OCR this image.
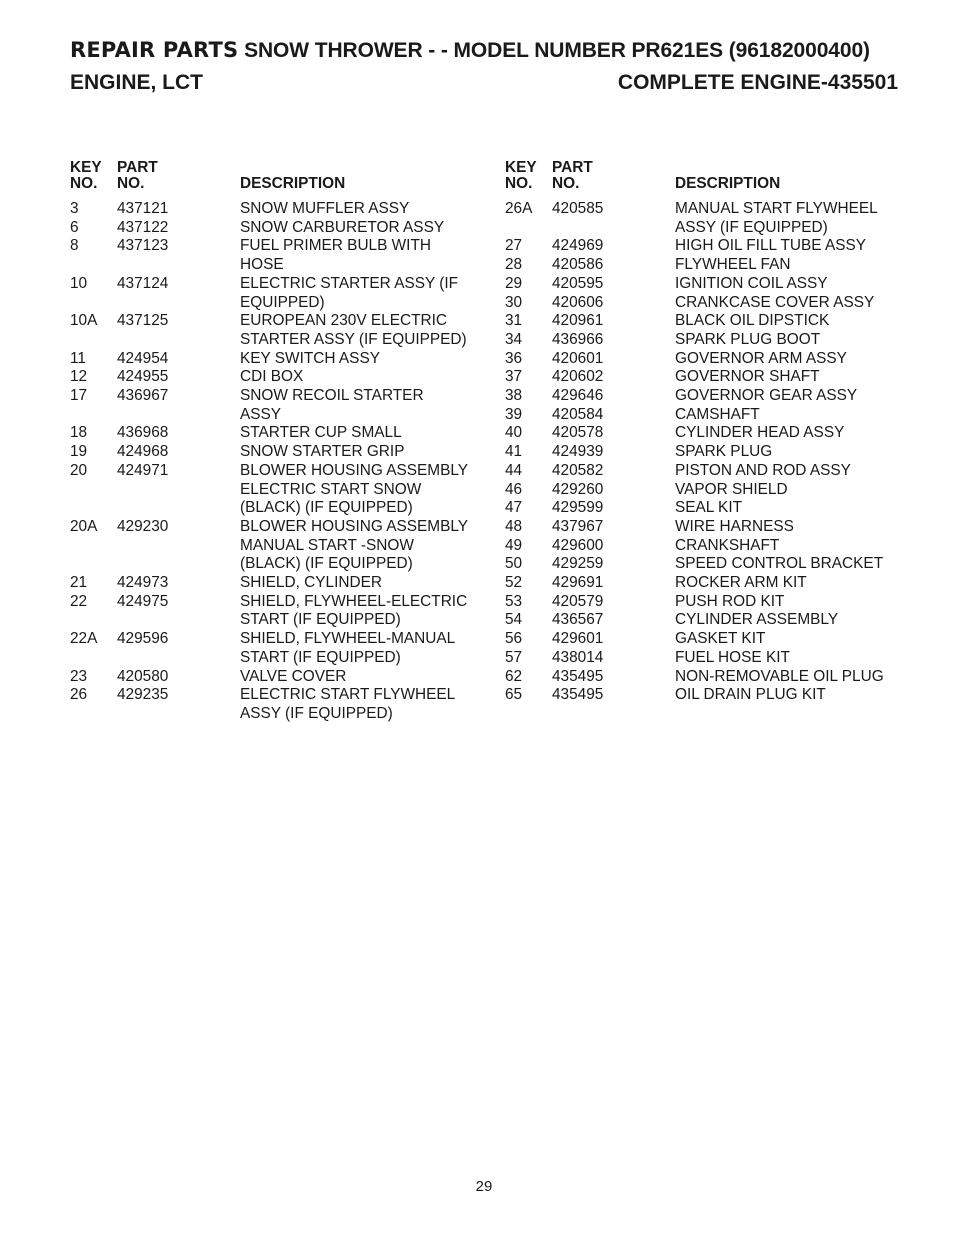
REPAIR PARTS SNOW THROWER - - MODEL NUMBER PR621ES (96182000400)
ENGINE, LCT	COMPLETE ENGINE-435501
KEY
NO.
PART
NO.	DESCRIPTION
3	437121	SNOW MUFFLER ASSY
6	437122	SNOW CARBURETOR ASSY
8	437123	FUEL PRIMER BULB WITH
HOSE
10	437124	ELECTRIC STARTER ASSY (IF
EQUIPPED)
10A	437125	EUROPEAN 230V ELECTRIC
STARTER ASSY (IF EQUIPPED)
11	424954	KEY SWITCH ASSY
12	424955	CDI BOX
17	436967	SNOW RECOIL STARTER
ASSY
18	436968	STARTER CUP SMALL
19	424968	SNOW STARTER GRIP
20	424971	BLOWER HOUSING ASSEMBLY
ELECTRIC START SNOW
(BLACK) (IF EQUIPPED)
20A	429230	BLOWER HOUSING ASSEMBLY
MANUAL START -SNOW
(BLACK) (IF EQUIPPED)
21	424973	SHIELD, CYLINDER
22	424975	SHIELD, FLYWHEEL-ELECTRIC
START (IF EQUIPPED)
22A	429596	SHIELD, FLYWHEEL-MANUAL
START (IF EQUIPPED)
23	420580	VALVE COVER
26	429235	ELECTRIC START FLYWHEEL
ASSY (IF EQUIPPED)
KEY
NO.
PART
NO.	DESCRIPTION
26A	420585	MANUAL START FLYWHEEL
ASSY (IF EQUIPPED)
27	424969	HIGH OIL FILL TUBE ASSY
28	420586	FLYWHEEL FAN
29	420595	IGNITION COIL ASSY
30	420606	CRANKCASE COVER ASSY
31	420961	BLACK OIL DIPSTICK
34	436966	SPARK PLUG BOOT
36	420601	GOVERNOR ARM ASSY
37	420602	GOVERNOR SHAFT
38	429646	GOVERNOR GEAR ASSY
39	420584	CAMSHAFT
40	420578	CYLINDER HEAD ASSY
41	424939	SPARK PLUG
44	420582	PISTON AND ROD ASSY
46	429260	VAPOR SHIELD
47	429599	SEAL KIT
48	437967	WIRE HARNESS
49	429600	CRANKSHAFT
50	429259	SPEED CONTROL BRACKET
52	429691	ROCKER ARM KIT
53	420579	PUSH ROD KIT
54	436567	CYLINDER ASSEMBLY
56	429601	GASKET KIT
57	438014	FUEL HOSE KIT
62	435495	NON-REMOVABLE OIL PLUG
65	435495	OIL DRAIN PLUG KIT
29
